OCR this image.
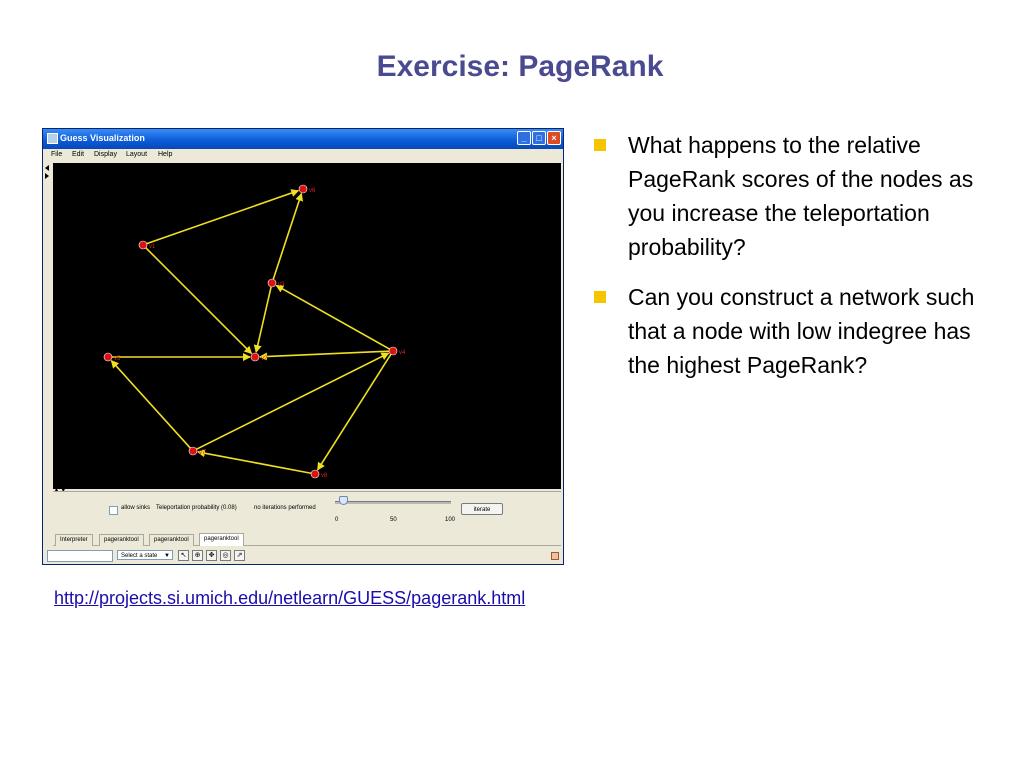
Exercise: PageRank
Guess Visualization	_	□	×
File Edit Display Layout Help
v1
v2
v3
v4
v5
v6
v7
v8
allow sinks Teleportation probability (0.08)	no iterations performed
0	50	100
iterate
Interpreter	pageranktool	pageranktool	pageranktool
Select a state ▼	↖	⊕	✥	◎	⇗
What happens to the relative PageRank scores of the nodes as you increase the teleportation probability?
Can you construct a network such that a node with low indegree has the highest PageRank?
http://projects.si.umich.edu/netlearn/GUESS/pagerank.html
